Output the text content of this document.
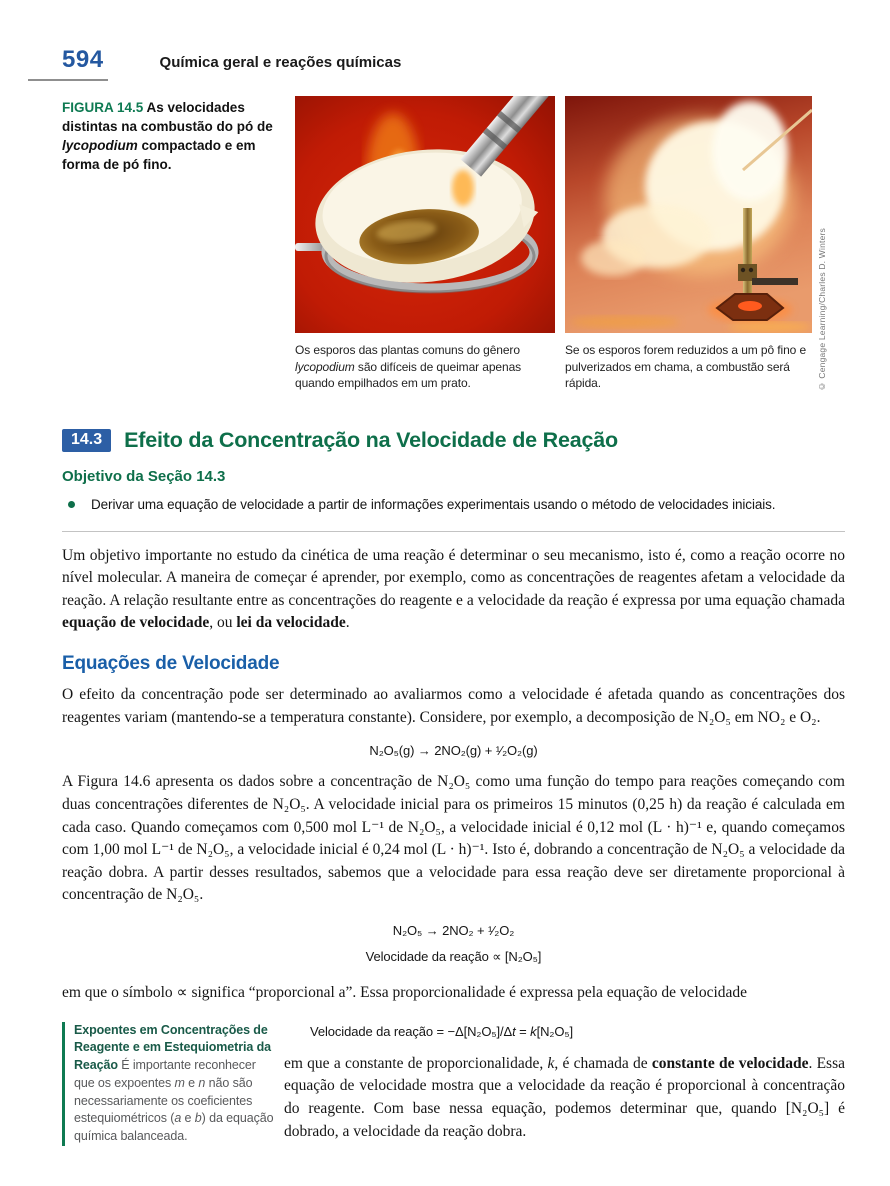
594	Química geral e reações químicas
FIGURA 14.5 As velocidades distintas na combustão do pó de lycopodium compactado e em forma de pó fino.
© Cengage Learning/Charles D. Winters
Os esporos das plantas comuns do gênero lycopodium são difíceis de queimar apenas quando empilhados em um prato.
Se os esporos forem reduzidos a um pô fino e pulverizados em chama, a combustão será rápida.
14.3	Efeito da Concentração na Velocidade de Reação
Objetivo da Seção 14.3
Derivar uma equação de velocidade a partir de informações experimentais usando o método de velocidades iniciais.

Um objetivo importante no estudo da cinética de uma reação é determinar o seu mecanismo, isto é, como a reação ocorre no nível molecular. A maneira de começar é aprender, por exemplo, como as concentrações de reagentes afetam a velocidade da reação. A relação resultante entre as concentrações do reagente e a velocidade da reação é expressa por uma equação chamada equação de velocidade, ou lei da velocidade.

Equações de Velocidade

O efeito da concentração pode ser determinado ao avaliarmos como a velocidade é afetada quando as concentrações dos reagentes variam (mantendo-se a temperatura constante). Considere, por exemplo, a decomposição de N₂O₅ em NO₂ e O₂.

N₂O₅(g) → 2NO₂(g) + ¹⁄₂O₂(g)

A Figura 14.6 apresenta os dados sobre a concentração de N₂O₅ como uma função do tempo para reações começando com duas concentrações diferentes de N₂O₅. A velocidade inicial para os primeiros 15 minutos (0,25 h) da reação é calculada em cada caso. Quando começamos com 0,500 mol L⁻¹ de N₂O₅, a velocidade inicial é 0,12 mol (L · h)⁻¹ e, quando começamos com 1,00 mol L⁻¹ de N₂O₅, a velocidade inicial é 0,24 mol (L · h)⁻¹. Isto é, dobrando a concentração de N₂O₅ a velocidade da reação dobra. A partir desses resultados, sabemos que a velocidade para essa reação deve ser diretamente proporcional à concentração de N₂O₅.

N₂O₅ → 2NO₂ + ¹⁄₂O₂
Velocidade da reação ∝ [N₂O₅]

em que o símbolo ∝ significa “proporcional a”. Essa proporcionalidade é expressa pela equação de velocidade

Expoentes em Concentrações de Reagente e em Estequiometria da Reação É importante reconhecer que os expoentes m e n não são necessariamente os coeficientes estequiométricos (a e b) da equação química balanceada.
Velocidade da reação = −Δ[N₂O₅]/Δt = k[N₂O₅]

em que a constante de proporcionalidade, k, é chamada de constante de velocidade. Essa equação de velocidade mostra que a velocidade da reação é proporcional à concentração do reagente. Com base nessa equação, podemos determinar que, quando [N₂O₅] é dobrado, a velocidade da reação dobra.
